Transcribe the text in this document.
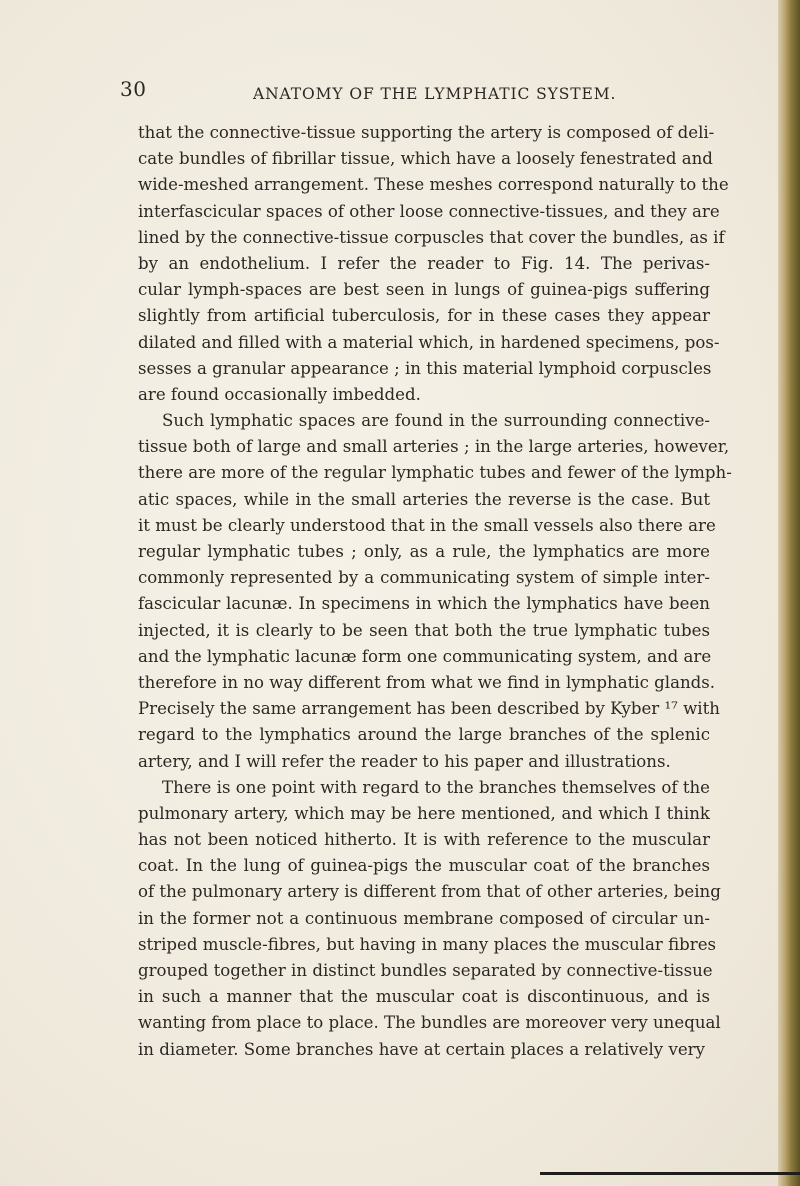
30	ANATOMY OF THE LYMPHATIC SYSTEM.
that the connective-tissue supporting the artery is composed of deli-
cate bundles of fibrillar tissue, which have a loosely fenestrated and
wide-meshed arrangement. These meshes correspond naturally to the
interfascicular spaces of other loose connective-tissues, and they are
lined by the connective-tissue corpuscles that cover the bundles, as if
by an endothelium. I refer the reader to Fig. 14. The perivas-
cular lymph-spaces are best seen in lungs of guinea-pigs suffering
slightly from artificial tuberculosis, for in these cases they appear
dilated and filled with a material which, in hardened specimens, pos-
sesses a granular appearance ; in this material lymphoid corpuscles
are found occasionally imbedded.
Such lymphatic spaces are found in the surrounding connective-
tissue both of large and small arteries ; in the large arteries, however,
there are more of the regular lymphatic tubes and fewer of the lymph-
atic spaces, while in the small arteries the reverse is the case. But
it must be clearly understood that in the small vessels also there are
regular lymphatic tubes ; only, as a rule, the lymphatics are more
commonly represented by a communicating system of simple inter-
fascicular lacunæ. In specimens in which the lymphatics have been
injected, it is clearly to be seen that both the true lymphatic tubes
and the lymphatic lacunæ form one communicating system, and are
therefore in no way different from what we find in lymphatic glands.
Precisely the same arrangement has been described by Kyber ¹⁷ with
regard to the lymphatics around the large branches of the splenic
artery, and I will refer the reader to his paper and illustrations.
There is one point with regard to the branches themselves of the
pulmonary artery, which may be here mentioned, and which I think
has not been noticed hitherto. It is with reference to the muscular
coat. In the lung of guinea-pigs the muscular coat of the branches
of the pulmonary artery is different from that of other arteries, being
in the former not a continuous membrane composed of circular un-
striped muscle-fibres, but having in many places the muscular fibres
grouped together in distinct bundles separated by connective-tissue
in such a manner that the muscular coat is discontinuous, and is
wanting from place to place. The bundles are moreover very unequal
in diameter. Some branches have at certain places a relatively very
